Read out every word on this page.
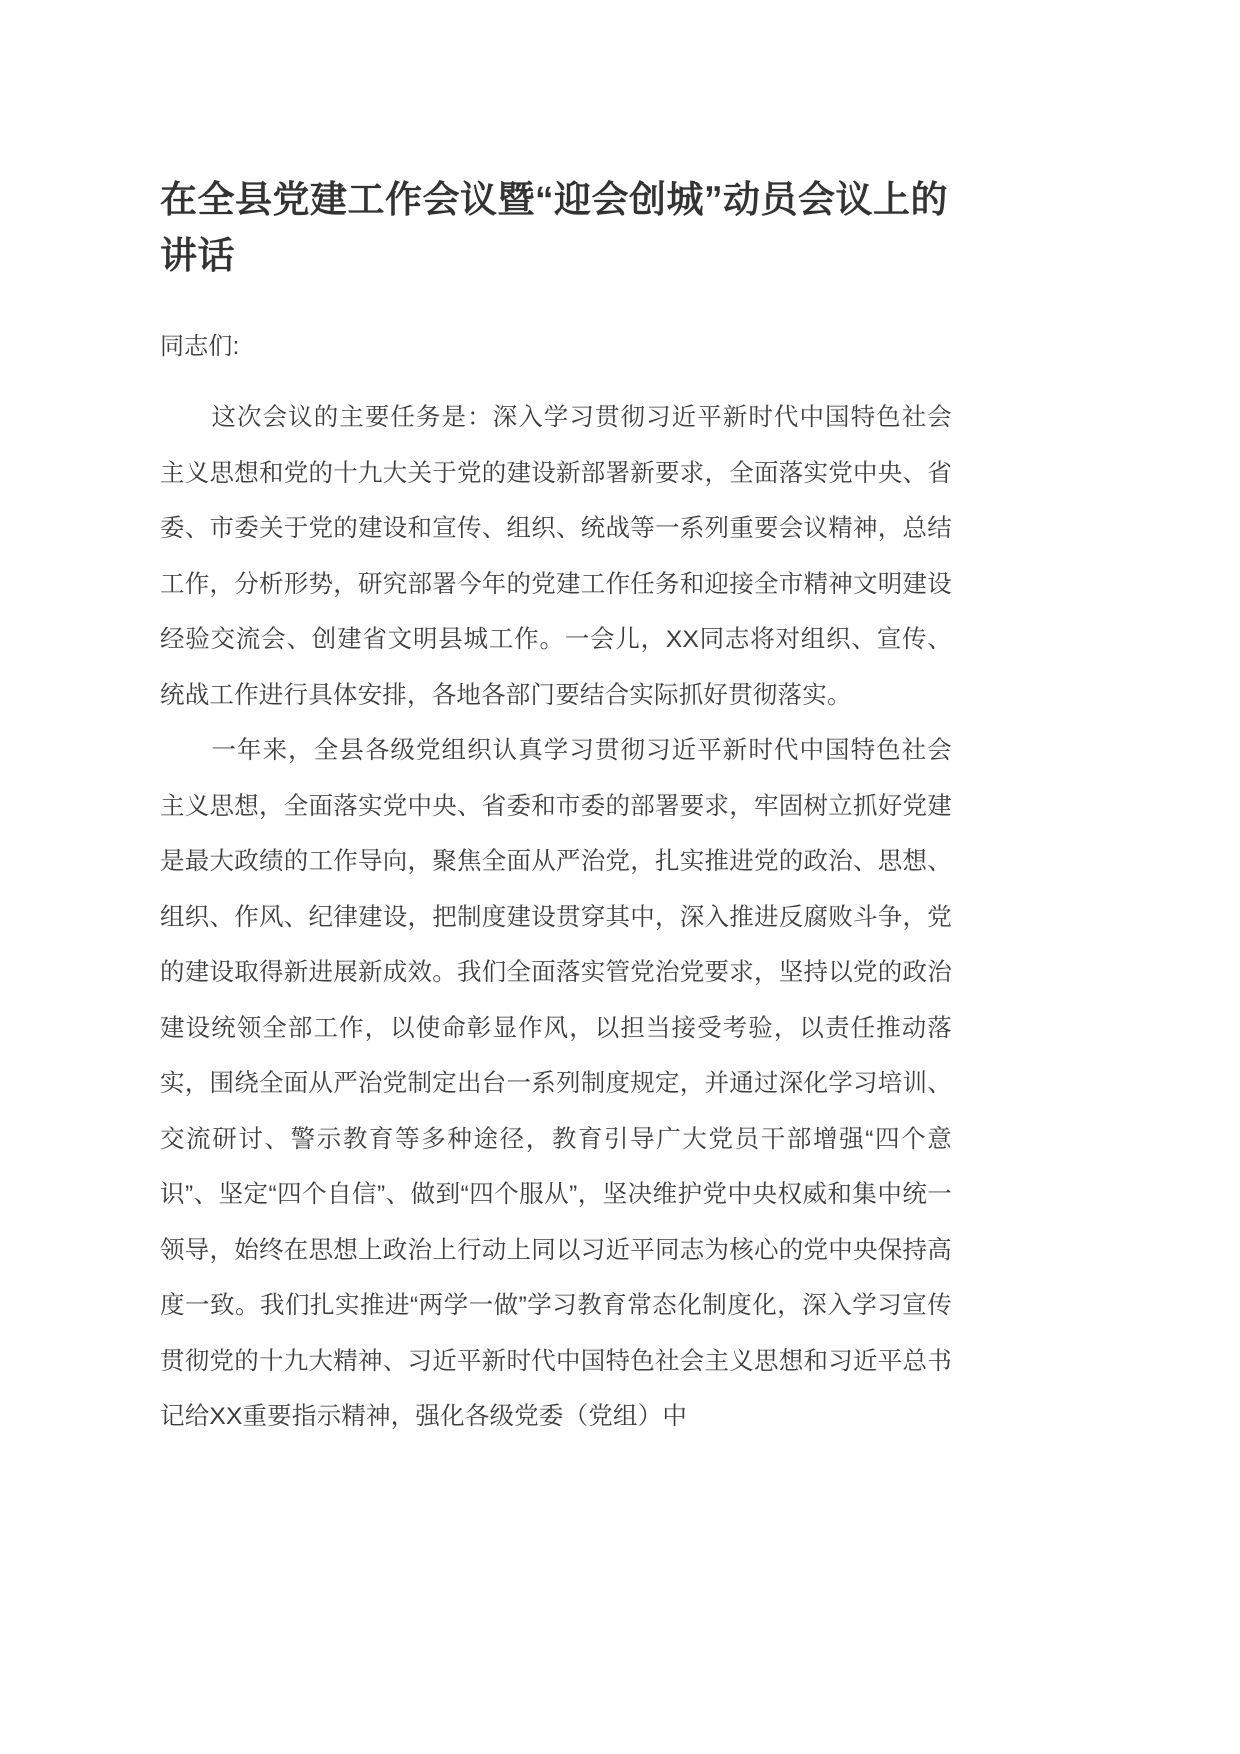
在全县党建工作会议暨“迎会创城”动员会议上的讲话

同志们:

这次会议的主要任务是：深入学习贯彻习近平新时代中国特色社会主义思想和党的十九大关于党的建设新部署新要求，全面落实党中央、省委、市委关于党的建设和宣传、组织、统战等一系列重要会议精神，总结工作，分析形势，研究部署今年的党建工作任务和迎接全市精神文明建设经验交流会、创建省文明县城工作。一会儿，XX同志将对组织、宣传、统战工作进行具体安排，各地各部门要结合实际抓好贯彻落实。

一年来，全县各级党组织认真学习贯彻习近平新时代中国特色社会主义思想，全面落实党中央、省委和市委的部署要求，牢固树立抓好党建是最大政绩的工作导向，聚焦全面从严治党，扎实推进党的政治、思想、组织、作风、纪律建设，把制度建设贯穿其中，深入推进反腐败斗争，党的建设取得新进展新成效。我们全面落实管党治党要求，坚持以党的政治建设统领全部工作，以使命彰显作风，以担当接受考验，以责任推动落实，围绕全面从严治党制定出台一系列制度规定，并通过深化学习培训、交流研讨、警示教育等多种途径，教育引导广大党员干部增强“四个意识”、坚定“四个自信”、做到“四个服从”，坚决维护党中央权威和集中统一领导，始终在思想上政治上行动上同以习近平同志为核心的党中央保持高度一致。我们扎实推进“两学一做”学习教育常态化制度化，深入学习宣传贯彻党的十九大精神、习近平新时代中国特色社会主义思想和习近平总书记给XX重要指示精神，强化各级党委（党组）中
